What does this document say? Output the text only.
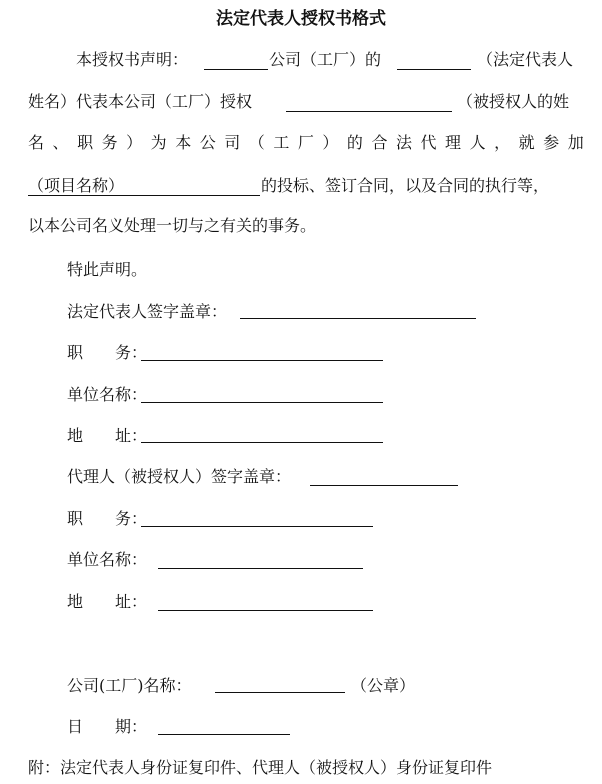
法定代表人授权书格式
本授权书声明：	公司（工厂）的	（法定代表人
姓名）代表本公司（工厂）授权	（被授权人的姓
名 、 职 务 ） 为 本 公 司 （ 工 厂 ） 的 合 法 代 理 人 ， 就 参 加
（项目名称）	的投标、签订合同，以及合同的执行等，
以本公司名义处理一切与之有关的事务。
特此声明。
法定代表人签字盖章：
职　　务：
单位名称：
地　　址：
代理人（被授权人）签字盖章：
职　　务：
单位名称：
地　　址：
公司(工厂)名称：	（公章）
日　　期：
附：法定代表人身份证复印件、代理人（被授权人）身份证复印件
